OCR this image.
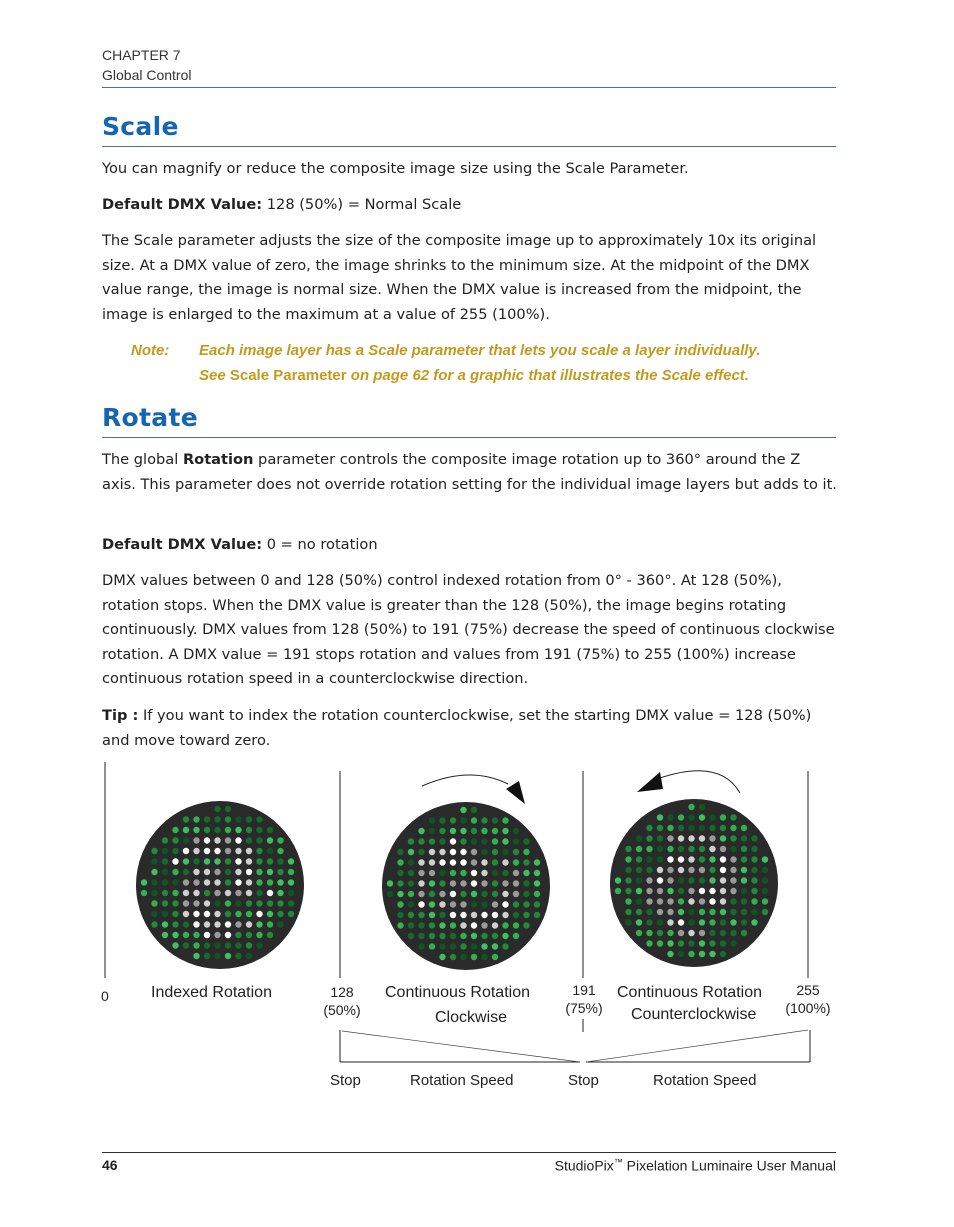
CHAPTER 7
Global Control
Scale
You can magnify or reduce the composite image size using the Scale Parameter.
Default DMX Value: 128 (50%) = Normal Scale
The Scale parameter adjusts the size of the composite image up to approximately 10x its original size. At a DMX value of zero, the image shrinks to the minimum size. At the midpoint of the DMX value range, the image is normal size. When the DMX value is increased from the midpoint, the image is enlarged to the maximum at a value of 255 (100%).
Note: Each image layer has a Scale parameter that lets you scale a layer individually.
See Scale Parameter on page 62 for a graphic that illustrates the Scale effect.
Rotate
The global Rotation parameter controls the composite image rotation up to 360° around the Z axis. This parameter does not override rotation setting for the individual image layers but adds to it.
Default DMX Value: 0 = no rotation
DMX values between 0 and 128 (50%) control indexed rotation from 0° - 360°. At 128 (50%), rotation stops. When the DMX value is greater than the 128 (50%), the image begins rotating continuously. DMX values from 128 (50%) to 191 (75%) decrease the speed of continuous clockwise rotation. A DMX value = 191 stops rotation and values from 191 (75%) to 255 (100%) increase continuous rotation speed in a counterclockwise direction.
Tip : If you want to index the rotation counterclockwise, set the starting DMX value = 128 (50%) and move toward zero.
0	Indexed Rotation	128
(50%)
Continuous Rotation
Clockwise
191
(75%)
Continuous Rotation
Counterclockwise
255
(100%)
Stop	Rotation Speed	Stop	Rotation Speed
46	StudioPix™ Pixelation Luminaire User Manual
